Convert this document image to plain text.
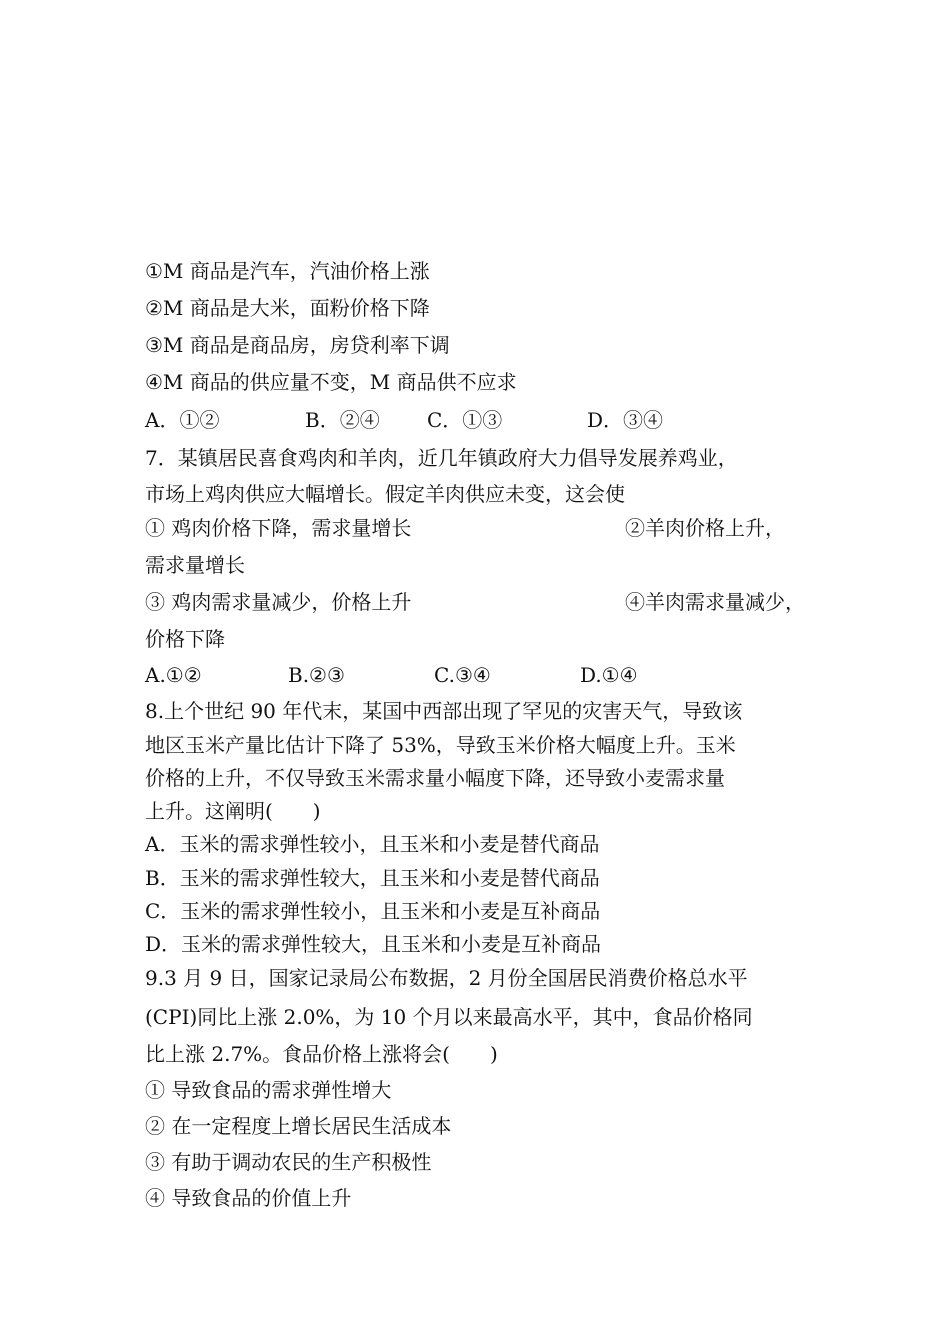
①M 商品是汽车，汽油价格上涨
②M 商品是大米，面粉价格下降
③M 商品是商品房，房贷利率下调
④M 商品的供应量不变，M 商品供不应求
A．①②	B．②④ C．①③	D．③④
7．某镇居民喜食鸡肉和羊肉，近几年镇政府大力倡导发展养鸡业，
市场上鸡肉供应大幅增长。假定羊肉供应未变，这会使
① 鸡肉价格下降，需求量增长	②羊肉价格上升，
需求量增长
③ 鸡肉需求量减少，价格上升	④羊肉需求量减少，
价格下降
A.①②	B.②③	C.③④	D.①④
8.上个世纪 90 年代末，某国中西部出现了罕见的灾害天气，导致该
地区玉米产量比估计下降了 53%，导致玉米价格大幅度上升。玉米
价格的上升，不仅导致玉米需求量小幅度下降，还导致小麦需求量
上升。这阐明(　　)
A．玉米的需求弹性较小，且玉米和小麦是替代商品
B．玉米的需求弹性较大，且玉米和小麦是替代商品
C．玉米的需求弹性较小，且玉米和小麦是互补商品
D．玉米的需求弹性较大，且玉米和小麦是互补商品
9.3 月 9 日，国家记录局公布数据，2 月份全国居民消费价格总水平
(CPI)同比上涨 2.0%，为 10 个月以来最高水平，其中，食品价格同
比上涨 2.7%。食品价格上涨将会(　　)
① 导致食品的需求弹性增大
② 在一定程度上增长居民生活成本
③ 有助于调动农民的生产积极性
④ 导致食品的价值上升
